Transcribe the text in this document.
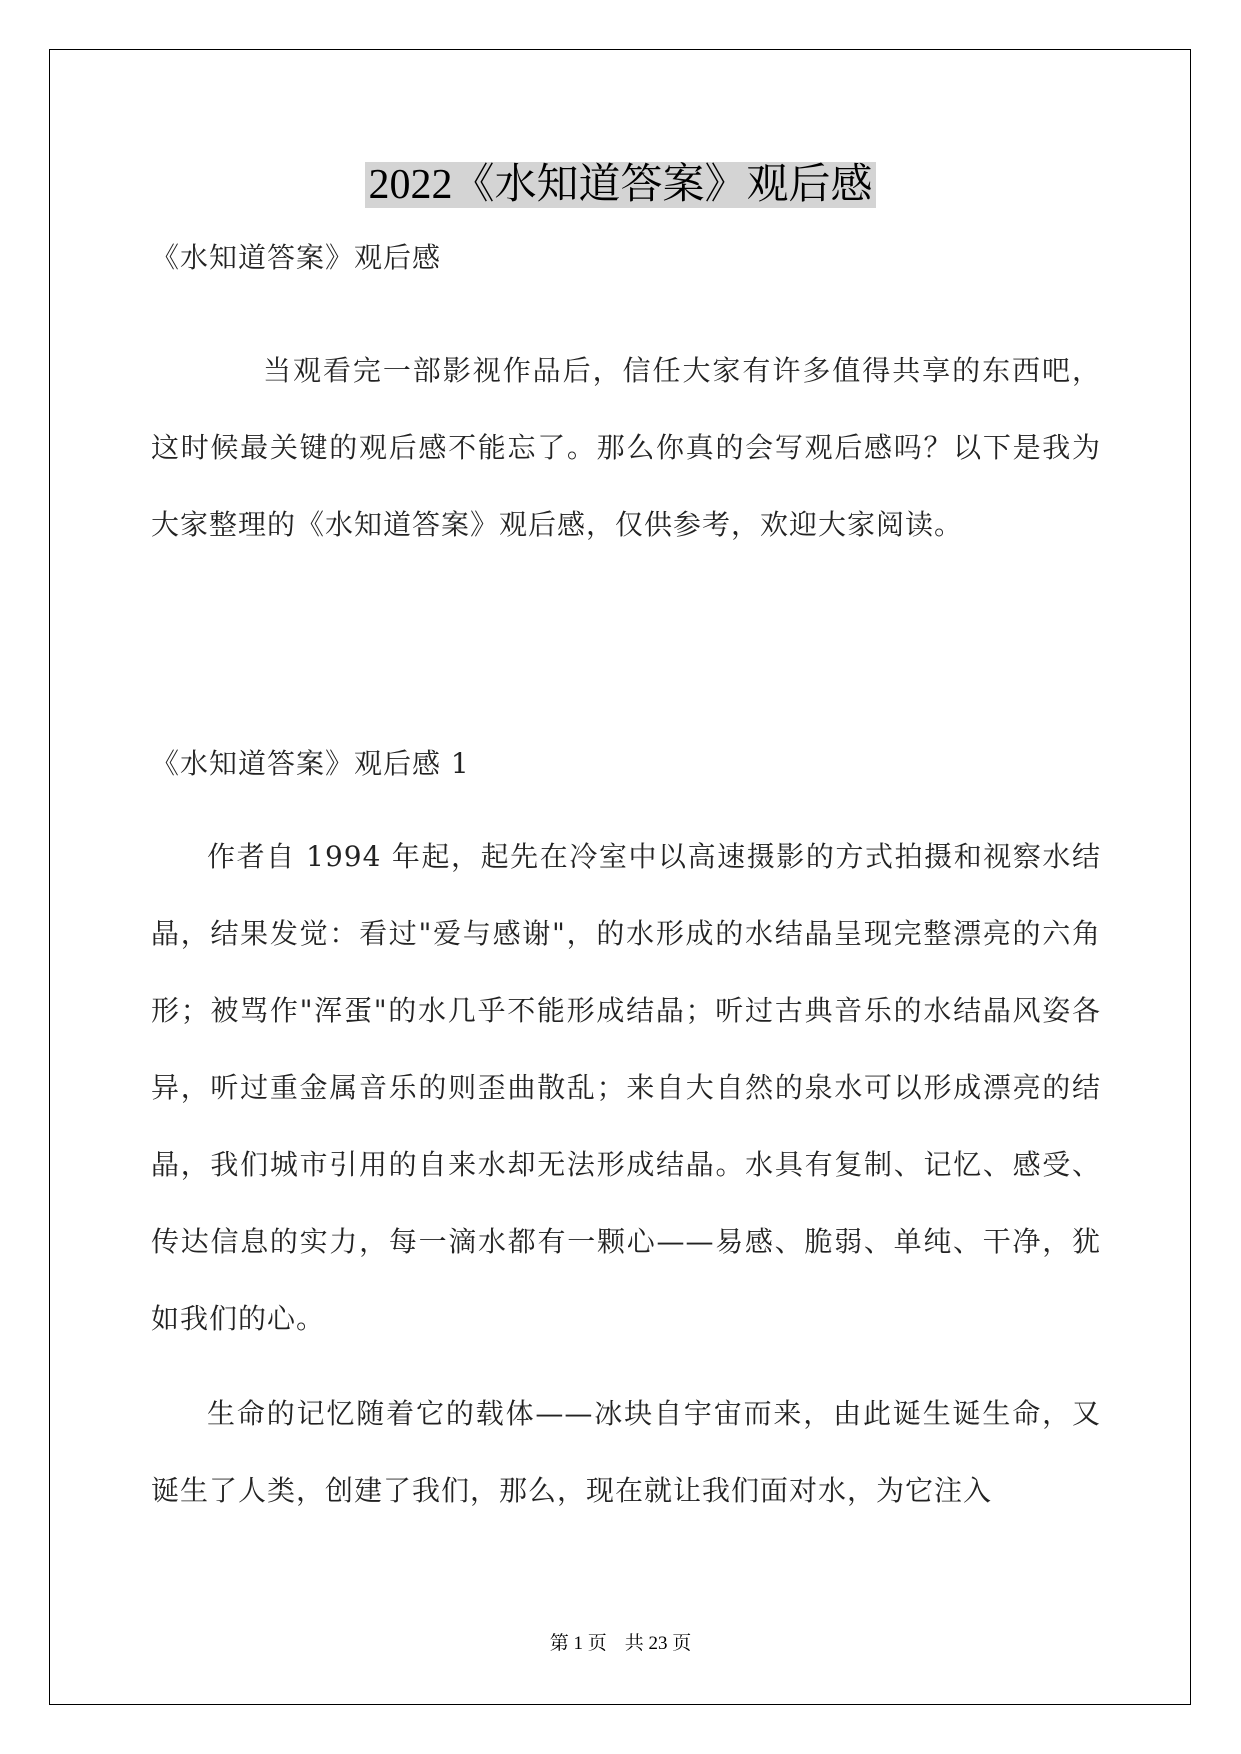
2022《水知道答案》观后感
《水知道答案》观后感
当观看完一部影视作品后，信任大家有许多值得共享的东西吧，这时候最关键的观后感不能忘了。那么你真的会写观后感吗？以下是我为大家整理的《水知道答案》观后感，仅供参考，欢迎大家阅读。
《水知道答案》观后感 1
作者自 1994 年起，起先在冷室中以高速摄影的方式拍摄和视察水结晶，结果发觉：看过"爱与感谢"，的水形成的水结晶呈现完整漂亮的六角形；被骂作"浑蛋"的水几乎不能形成结晶；听过古典音乐的水结晶风姿各异，听过重金属音乐的则歪曲散乱；来自大自然的泉水可以形成漂亮的结晶，我们城市引用的自来水却无法形成结晶。水具有复制、记忆、感受、传达信息的实力，每一滴水都有一颗心——易感、脆弱、单纯、干净，犹如我们的心。
生命的记忆随着它的载体——冰块自宇宙而来，由此诞生诞生命，又诞生了人类，创建了我们，那么，现在就让我们面对水，为它注入
第 1 页 共 23 页
